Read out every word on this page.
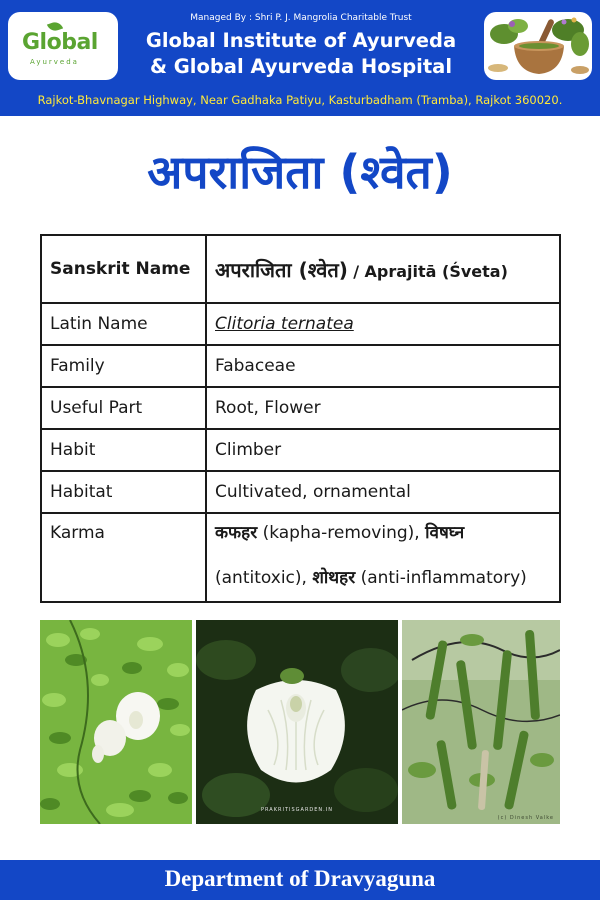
Global
Ayurveda
Managed By : Shri P. J. Mangrolia Charitable Trust
Global Institute of Ayurveda
& Global Ayurveda Hospital
Rajkot-Bhavnagar Highway, Near Gadhaka Patiyu, Kasturbadham (Tramba), Rajkot 360020.
अपराजिता (श्वेत)
Sanskrit Name	अपराजिता (श्वेत) / Aprajitā (Śveta)
Latin Name	Clitoria ternatea
Family	Fabaceae
Useful Part	Root, Flower
Habit	Climber
Habitat	Cultivated, ornamental
Karma	कफहर (kapha-removing), विषघ्न (antitoxic), शोथहर (anti-inflammatory)
PRAKRITISGARDEN.IN
(c) Dinesh Valke
Department of Dravyaguna
